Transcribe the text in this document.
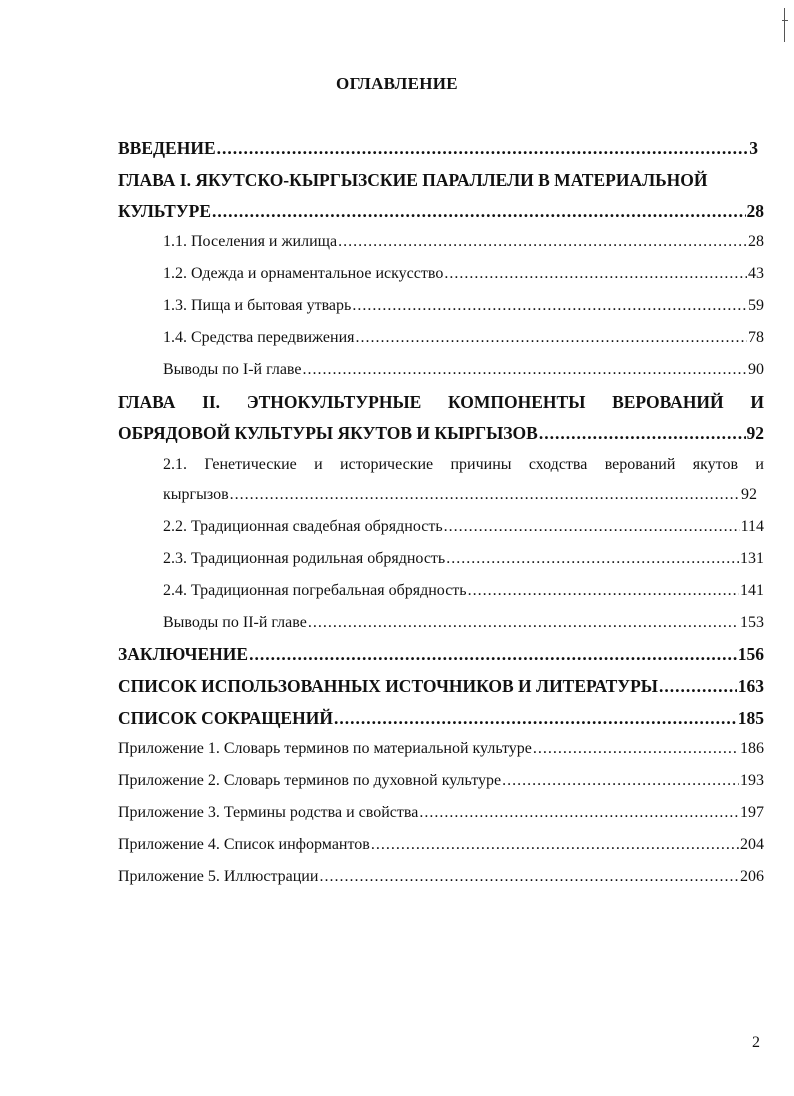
ОГЛАВЛЕНИЕ
ВВЕДЕНИЕ .....	3
ГЛАВА I. ЯКУТСКО-КЫРГЫЗСКИЕ ПАРАЛЛЕЛИ В МАТЕРИАЛЬНОЙ
КУЛЬТУРЕ .....	28
1.1. Поселения и жилища .....	28
1.2. Одежда и орнаментальное искусство .....	43
1.3. Пища и бытовая утварь .....	59
1.4. Средства передвижения .....	78
Выводы по I-й главе .....	90
ГЛАВА II. ЭТНОКУЛЬТУРНЫЕ КОМПОНЕНТЫ ВЕРОВАНИЙ И
ОБРЯДОВОЙ КУЛЬТУРЫ ЯКУТОВ И КЫРГЫЗОВ .....	92
2.1. Генетические и исторические причины сходства верований якутов и
кыргызов .....	92
2.2. Традиционная свадебная обрядность .....	114
2.3. Традиционная родильная обрядность .....	131
2.4. Традиционная погребальная обрядность .....	141
Выводы по II-й главе .....	153
ЗАКЛЮЧЕНИЕ .....	156
СПИСОК ИСПОЛЬЗОВАННЫХ ИСТОЧНИКОВ И ЛИТЕРАТУРЫ .....	163
СПИСОК СОКРАЩЕНИЙ .....	185
Приложение 1. Словарь терминов по материальной культуре .....	186
Приложение 2. Словарь терминов по духовной культуре .....	193
Приложение 3. Термины родства и свойства .....	197
Приложение 4. Список информантов .....	204
Приложение 5. Иллюстрации .....	206
2
